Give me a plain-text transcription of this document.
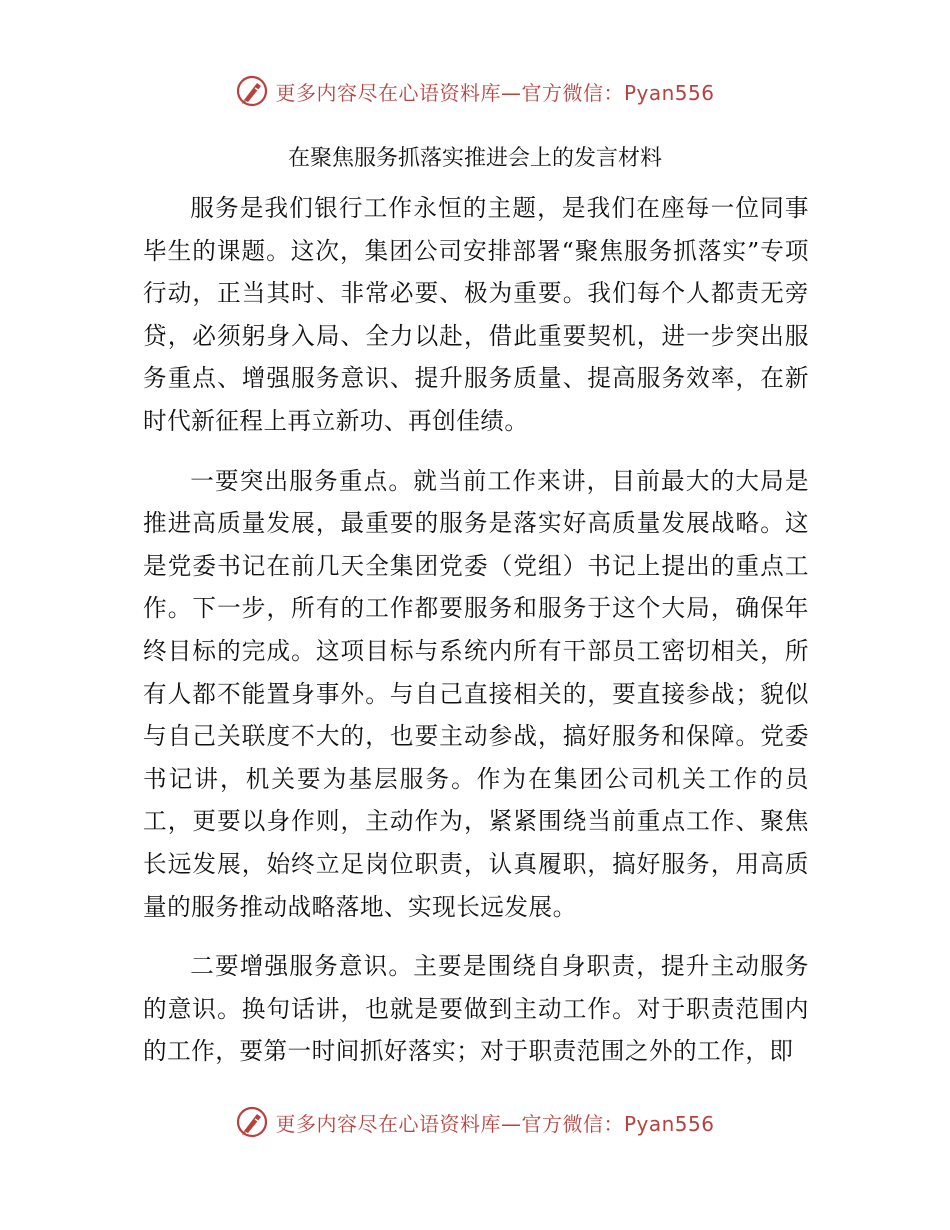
更多内容尽在心语资料库—官方微信：Pyan556
在聚焦服务抓落实推进会上的发言材料

服务是我们银行工作永恒的主题，是我们在座每一位同事毕生的课题。这次，集团公司安排部署“聚焦服务抓落实”专项行动，正当其时、非常必要、极为重要。我们每个人都责无旁贷，必须躬身入局、全力以赴，借此重要契机，进一步突出服务重点、增强服务意识、提升服务质量、提高服务效率，在新时代新征程上再立新功、再创佳绩。

一要突出服务重点。就当前工作来讲，目前最大的大局是推进高质量发展，最重要的服务是落实好高质量发展战略。这是党委书记在前几天全集团党委（党组）书记上提出的重点工作。下一步，所有的工作都要服务和服务于这个大局，确保年终目标的完成。这项目标与系统内所有干部员工密切相关，所有人都不能置身事外。与自己直接相关的，要直接参战；貌似与自己关联度不大的，也要主动参战，搞好服务和保障。党委书记讲，机关要为基层服务。作为在集团公司机关工作的员工，更要以身作则，主动作为，紧紧围绕当前重点工作、聚焦长远发展，始终立足岗位职责，认真履职，搞好服务，用高质量的服务推动战略落地、实现长远发展。

二要增强服务意识。主要是围绕自身职责，提升主动服务的意识。换句话讲，也就是要做到主动工作。对于职责范围内的工作，要第一时间抓好落实；对于职责范围之外的工作，即

更多内容尽在心语资料库—官方微信：Pyan556
